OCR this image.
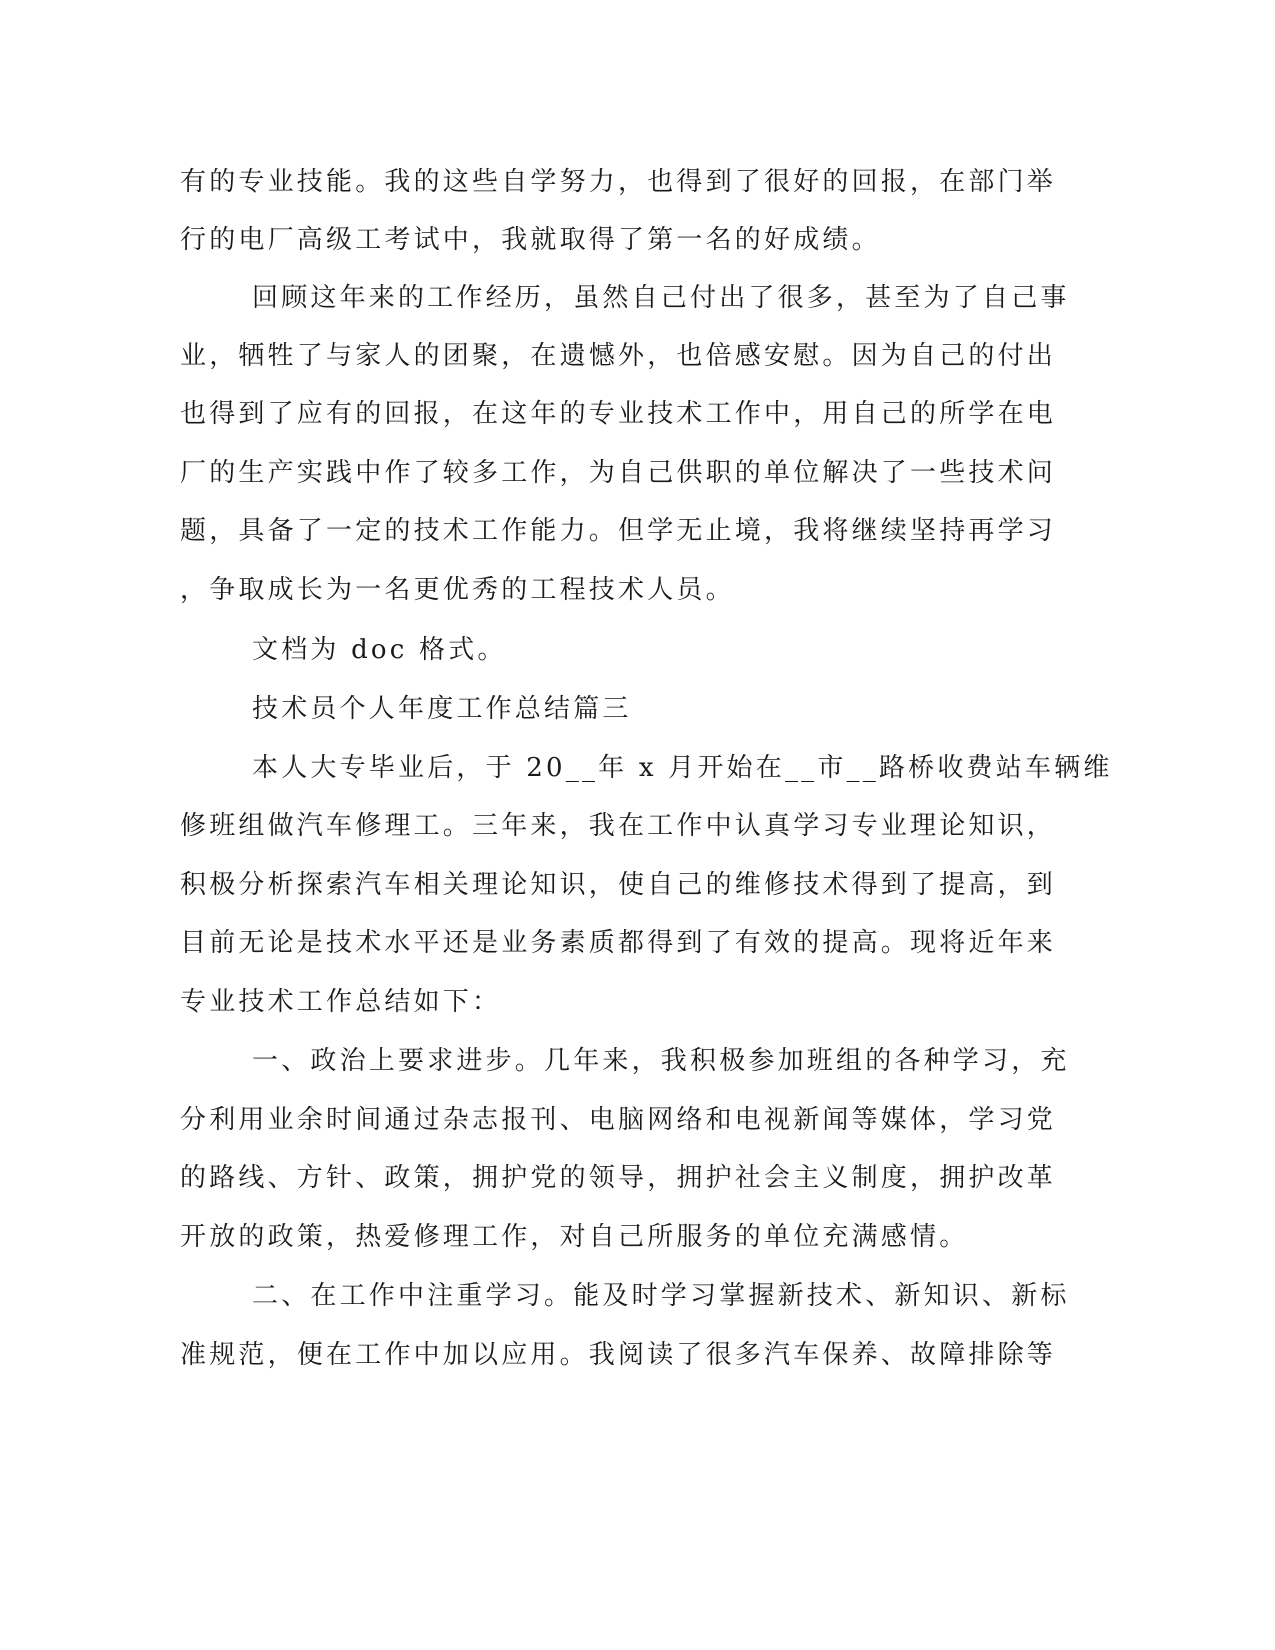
有的专业技能。我的这些自学努力，也得到了很好的回报，在部门举
行的电厂高级工考试中，我就取得了第一名的好成绩。
回顾这年来的工作经历，虽然自己付出了很多，甚至为了自己事
业，牺牲了与家人的团聚，在遗憾外，也倍感安慰。因为自己的付出
也得到了应有的回报，在这年的专业技术工作中，用自己的所学在电
厂的生产实践中作了较多工作，为自己供职的单位解决了一些技术问
题，具备了一定的技术工作能力。但学无止境，我将继续坚持再学习
，争取成长为一名更优秀的工程技术人员。
文档为 doc 格式。
技术员个人年度工作总结篇三
本人大专毕业后，于 20__年 x 月开始在__市__路桥收费站车辆维
修班组做汽车修理工。三年来，我在工作中认真学习专业理论知识，
积极分析探索汽车相关理论知识，使自己的维修技术得到了提高，到
目前无论是技术水平还是业务素质都得到了有效的提高。现将近年来
专业技术工作总结如下：
一、政治上要求进步。几年来，我积极参加班组的各种学习，充
分利用业余时间通过杂志报刊、电脑网络和电视新闻等媒体，学习党
的路线、方针、政策，拥护党的领导，拥护社会主义制度，拥护改革
开放的政策，热爱修理工作，对自己所服务的单位充满感情。
二、在工作中注重学习。能及时学习掌握新技术、新知识、新标
准规范，便在工作中加以应用。我阅读了很多汽车保养、故障排除等
